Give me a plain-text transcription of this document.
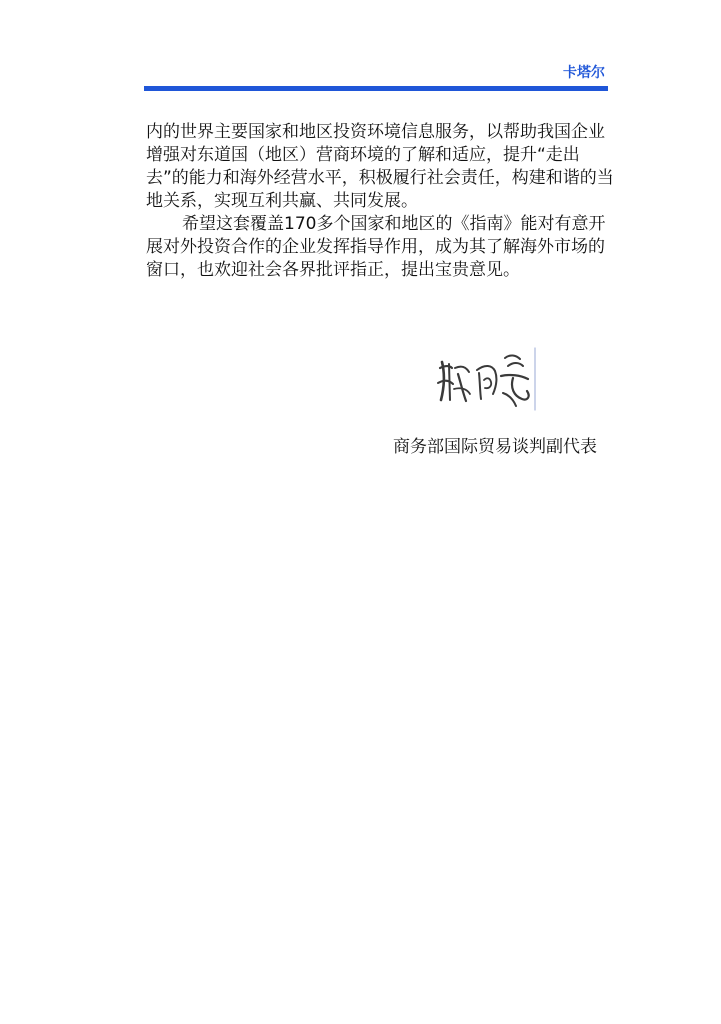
卡塔尔

内的世界主要国家和地区投资环境信息服务，以帮助我国企业增强对东道国（地区）营商环境的了解和适应，提升“走出去”的能力和海外经营水平，积极履行社会责任，构建和谐的当地关系，实现互利共赢、共同发展。

希望这套覆盖170多个国家和地区的《指南》能对有意开展对外投资合作的企业发挥指导作用，成为其了解海外市场的窗口，也欢迎社会各界批评指正，提出宝贵意见。

商务部国际贸易谈判副代表
